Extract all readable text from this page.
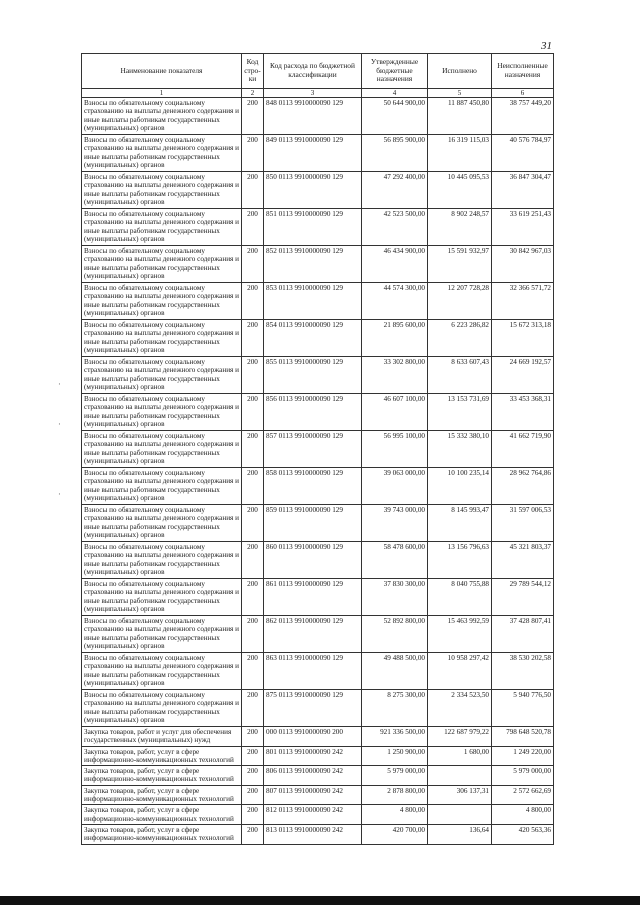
31
Наименование показателя	Код стро-ки	Код расхода по бюджетной классификации	Утвержденные бюджетные назначения	Исполнено	Неисполненные назначения
1	2	3	4	5	6
Взносы по обязательному социальному страхованию на выплаты денежного содержания и иные выплаты работникам государственных (муниципальных) органов	200	848 0113 9910000090 129	50 644 900,00	11 887 450,80	38 757 449,20
Взносы по обязательному социальному страхованию на выплаты денежного содержания и иные выплаты работникам государственных (муниципальных) органов	200	849 0113 9910000090 129	56 895 900,00	16 319 115,03	40 576 784,97
Взносы по обязательному социальному страхованию на выплаты денежного содержания и иные выплаты работникам государственных (муниципальных) органов	200	850 0113 9910000090 129	47 292 400,00	10 445 095,53	36 847 304,47
Взносы по обязательному социальному страхованию на выплаты денежного содержания и иные выплаты работникам государственных (муниципальных) органов	200	851 0113 9910000090 129	42 523 500,00	8 902 248,57	33 619 251,43
Взносы по обязательному социальному страхованию на выплаты денежного содержания и иные выплаты работникам государственных (муниципальных) органов	200	852 0113 9910000090 129	46 434 900,00	15 591 932,97	30 842 967,03
Взносы по обязательному социальному страхованию на выплаты денежного содержания и иные выплаты работникам государственных (муниципальных) органов	200	853 0113 9910000090 129	44 574 300,00	12 207 728,28	32 366 571,72
Взносы по обязательному социальному страхованию на выплаты денежного содержания и иные выплаты работникам государственных (муниципальных) органов	200	854 0113 9910000090 129	21 895 600,00	6 223 286,82	15 672 313,18
Взносы по обязательному социальному страхованию на выплаты денежного содержания и иные выплаты работникам государственных (муниципальных) органов	200	855 0113 9910000090 129	33 302 800,00	8 633 607,43	24 669 192,57
Взносы по обязательному социальному страхованию на выплаты денежного содержания и иные выплаты работникам государственных (муниципальных) органов	200	856 0113 9910000090 129	46 607 100,00	13 153 731,69	33 453 368,31
Взносы по обязательному социальному страхованию на выплаты денежного содержания и иные выплаты работникам государственных (муниципальных) органов	200	857 0113 9910000090 129	56 995 100,00	15 332 380,10	41 662 719,90
Взносы по обязательному социальному страхованию на выплаты денежного содержания и иные выплаты работникам государственных (муниципальных) органов	200	858 0113 9910000090 129	39 063 000,00	10 100 235,14	28 962 764,86
Взносы по обязательному социальному страхованию на выплаты денежного содержания и иные выплаты работникам государственных (муниципальных) органов	200	859 0113 9910000090 129	39 743 000,00	8 145 993,47	31 597 006,53
Взносы по обязательному социальному страхованию на выплаты денежного содержания и иные выплаты работникам государственных (муниципальных) органов	200	860 0113 9910000090 129	58 478 600,00	13 156 796,63	45 321 803,37
Взносы по обязательному социальному страхованию на выплаты денежного содержания и иные выплаты работникам государственных (муниципальных) органов	200	861 0113 9910000090 129	37 830 300,00	8 040 755,88	29 789 544,12
Взносы по обязательному социальному страхованию на выплаты денежного содержания и иные выплаты работникам государственных (муниципальных) органов	200	862 0113 9910000090 129	52 892 800,00	15 463 992,59	37 428 807,41
Взносы по обязательному социальному страхованию на выплаты денежного содержания и иные выплаты работникам государственных (муниципальных) органов	200	863 0113 9910000090 129	49 488 500,00	10 958 297,42	38 530 202,58
Взносы по обязательному социальному страхованию на выплаты денежного содержания и иные выплаты работникам государственных (муниципальных) органов	200	875 0113 9910000090 129	8 275 300,00	2 334 523,50	5 940 776,50
Закупка товаров, работ и услуг для обеспечения государственных (муниципальных) нужд	200	000 0113 9910000090 200	921 336 500,00	122 687 979,22	798 648 520,78
Закупка товаров, работ, услуг в сфере информационно-коммуникационных технологий	200	801 0113 9910000090 242	1 250 900,00	1 680,00	1 249 220,00
Закупка товаров, работ, услуг в сфере информационно-коммуникационных технологий	200	806 0113 9910000090 242	5 979 000,00		5 979 000,00
Закупка товаров, работ, услуг в сфере информационно-коммуникационных технологий	200	807 0113 9910000090 242	2 878 800,00	306 137,31	2 572 662,69
Закупка товаров, работ, услуг в сфере информационно-коммуникационных технологий	200	812 0113 9910000090 242	4 800,00		4 800,00
Закупка товаров, работ, услуг в сфере информационно-коммуникационных технологий	200	813 0113 9910000090 242	420 700,00	136,64	420 563,36
·
·
·
